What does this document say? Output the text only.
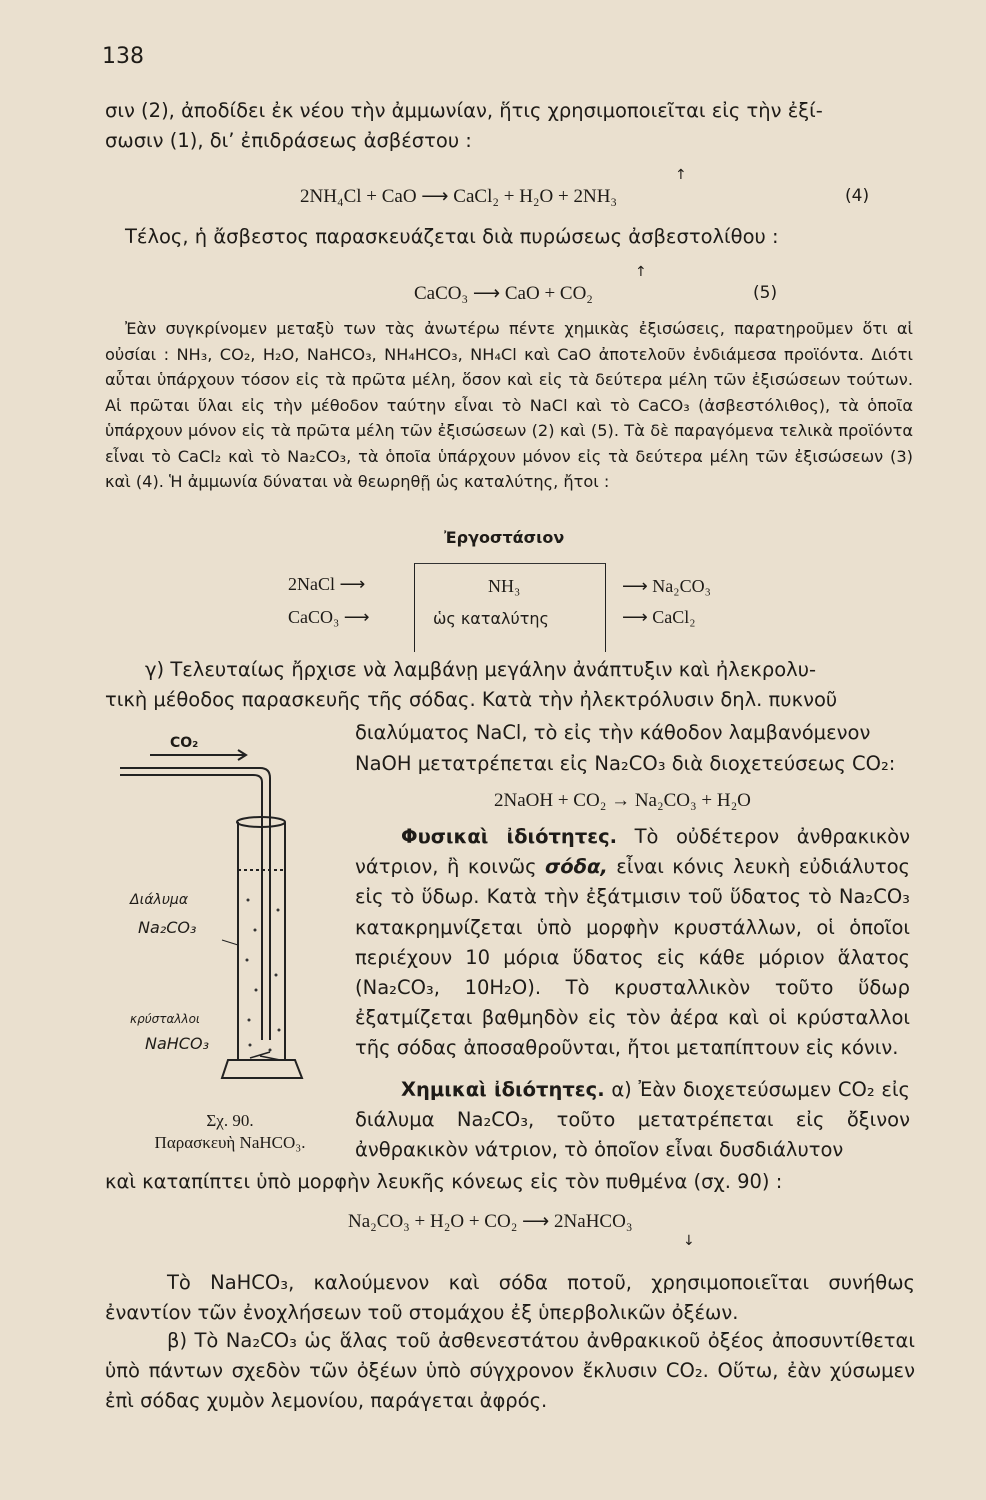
138
σιν (2), ἀποδίδει ἐκ νέου τὴν ἀμμωνίαν, ἥτις χρησιμοποιεῖται εἰς τὴν ἐξί-
σωσιν (1), δι’ ἐπιδράσεως ἀσβέστου :
↑
2NH₄Cl + CaO ⟶ CaCl₂ + H₂O + 2NH₃	(4)
Τέλος, ἡ ἄσβεστος παρασκευάζεται διὰ πυρώσεως ἀσβεστολίθου :
↑
CaCO₃ ⟶ CaO + CO₂	(5)
Ἐὰν συγκρίνομεν μεταξὺ των τὰς ἀνωτέρω πέντε χημικὰς ἐξισώσεις, παρατηροῦμεν ὅτι αἱ οὐσίαι : NH₃, CO₂, H₂O, NaHCO₃, NH₄HCO₃, NH₄Cl καὶ CaO ἀποτελοῦν ἐνδιάμεσα προϊόντα. Διότι αὗται ὑπάρχουν τόσον εἰς τὰ πρῶτα μέλη, ὅσον καὶ εἰς τὰ δεύτερα μέλη τῶν ἐξισώσεων τούτων. Αἱ πρῶται ὕλαι εἰς τὴν μέθοδον ταύτην εἶναι τὸ NaCl καὶ τὸ CaCO₃ (ἀσβεστόλιθος), τὰ ὁποῖα ὑπάρχουν μόνον εἰς τὰ πρῶτα μέλη τῶν ἐξισώσεων (2) καὶ (5). Τὰ δὲ παραγόμενα τελικὰ προϊόντα εἶναι τὸ CaCl₂ καὶ τὸ Na₂CO₃, τὰ ὁποῖα ὑπάρχουν μόνον εἰς τὰ δεύτερα μέλη τῶν ἐξισώσεων (3) καὶ (4). Ἡ ἀμμωνία δύναται νὰ θεωρηθῇ ὡς καταλύτης, ἤτοι :
Ἐργοστάσιον
2NaCl ⟶
CaCO₃ ⟶
NH₃
ὡς καταλύτης
⟶ Na₂CO₃
⟶ CaCl₂
γ) Τελευταίως ἤρχισε νὰ λαμβάνῃ μεγάλην ἀνάπτυξιν καὶ ἠλεκρολυ-
τικὴ μέθοδος παρασκευῆς τῆς σόδας. Κατὰ τὴν ἠλεκτρόλυσιν δηλ. πυκνοῦ
διαλύματος NaCl, τὸ εἰς τὴν κάθοδον λαμβανόμενον
NaOH μετατρέπεται εἰς Na₂CO₃ διὰ διοχετεύσεως CO₂:
2NaOH + CO₂ → Na₂CO₃ + H₂O
Φυσικαὶ ἰδιότητες. Τὸ οὐδέτερον ἀνθρακικὸν νάτριον, ἢ κοινῶς σόδα, εἶναι κόνις λευκὴ εὐδιάλυτος εἰς τὸ ὕδωρ. Κατὰ τὴν ἐξάτμισιν τοῦ ὕδατος τὸ Na₂CO₃ κατακρημνίζεται ὑπὸ μορφὴν κρυστάλλων, οἱ ὁποῖοι περιέχουν 10 μόρια ὕδατος εἰς κάθε μόριον ἅλατος (Na₂CO₃, 10H₂O). Τὸ κρυσταλλικὸν τοῦτο ὕδωρ ἐξατμίζεται βαθμηδὸν εἰς τὸν ἀέρα καὶ οἱ κρύσταλλοι τῆς σόδας ἀποσαθροῦνται, ἤτοι μεταπίπτουν εἰς κόνιν.
Χημικαὶ ἰδιότητες. α) Ἐὰν διοχετεύσωμεν CO₂ εἰς διάλυμα Na₂CO₃, τοῦτο μετατρέπεται εἰς ὄξινον ἀνθρακικὸν νάτριον, τὸ ὁποῖον εἶναι δυσδιάλυτον
καὶ καταπίπτει ὑπὸ μορφὴν λευκῆς κόνεως εἰς τὸν πυθμένα (σχ. 90) :
Na₂CO₃ + H₂O + CO₂ ⟶ 2NaHCO₃
↓
CO₂
Διάλυμα
Na₂CO₃
κρύσταλλοι
NaHCO₃
Σχ. 90.
Παρασκευὴ NaHCO₃.
Τὸ NaHCO₃, καλούμενον καὶ σόδα ποτοῦ, χρησιμοποιεῖται συνήθως ἐναντίον τῶν ἐνοχλήσεων τοῦ στομάχου ἐξ ὑπερβολικῶν ὀξέων.
β) Τὸ Na₂CO₃ ὡς ἅλας τοῦ ἀσθενεστάτου ἀνθρακικοῦ ὀξέος ἀποσυντίθεται ὑπὸ πάντων σχεδὸν τῶν ὀξέων ὑπὸ σύγχρονον ἔκλυσιν CO₂. Οὕτω, ἐὰν χύσωμεν ἐπὶ σόδας χυμὸν λεμονίου, παράγεται ἀφρός.
